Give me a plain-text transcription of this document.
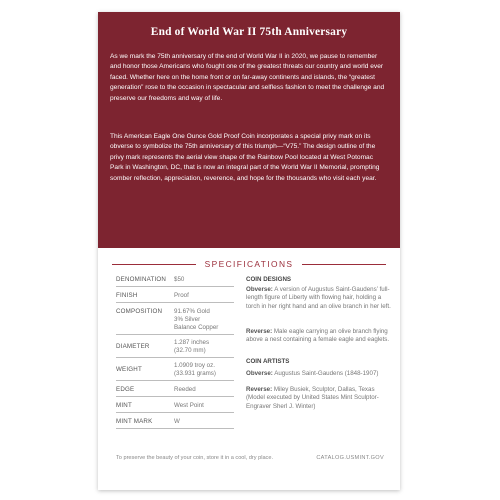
End of World War II 75th Anniversary

As we mark the 75th anniversary of the end of World War II in 2020, we pause to remember and honor those Americans who fought one of the greatest threats our country and world ever faced. Whether here on the home front or on far-away continents and islands, the “greatest generation” rose to the occasion in spectacular and selfless fashion to meet the challenge and preserve our freedoms and way of life.

This American Eagle One Ounce Gold Proof Coin incorporates a special privy mark on its obverse to symbolize the 75th anniversary of this triumph—“V75.” The design outline of the privy mark represents the aerial view shape of the Rainbow Pool located at West Potomac Park in Washington, DC, that is now an integral part of the World War II Memorial, prompting somber reflection, appreciation, reverence, and hope for the thousands who visit each year.

SPECIFICATIONS
DENOMINATION $50
FINISH	Proof
COMPOSITION 91.67% Gold
3% Silver
Balance Copper
DIAMETER
1.287 inches
(32.70 mm)
WEIGHT
1.0909 troy oz.
(33.931 grams)
EDGE	Reeded
MINT	West Point
MINT MARK	W
COIN DESIGNS
Obverse: A version of Augustus Saint-Gaudens’ full-length figure of Liberty with flowing hair, holding a torch in her right hand and an olive branch in her left.
Reverse: Male eagle carrying an olive branch flying above a nest containing a female eagle and eaglets.
COIN ARTISTS
Obverse: Augustus Saint-Gaudens (1848-1907)
Reverse: Miley Busiek, Sculptor, Dallas, Texas (Model executed by United States Mint Sculptor-Engraver Sherl J. Winter)
To preserve the beauty of your coin, store it in a cool, dry place.	CATALOG.USMINT.GOV
